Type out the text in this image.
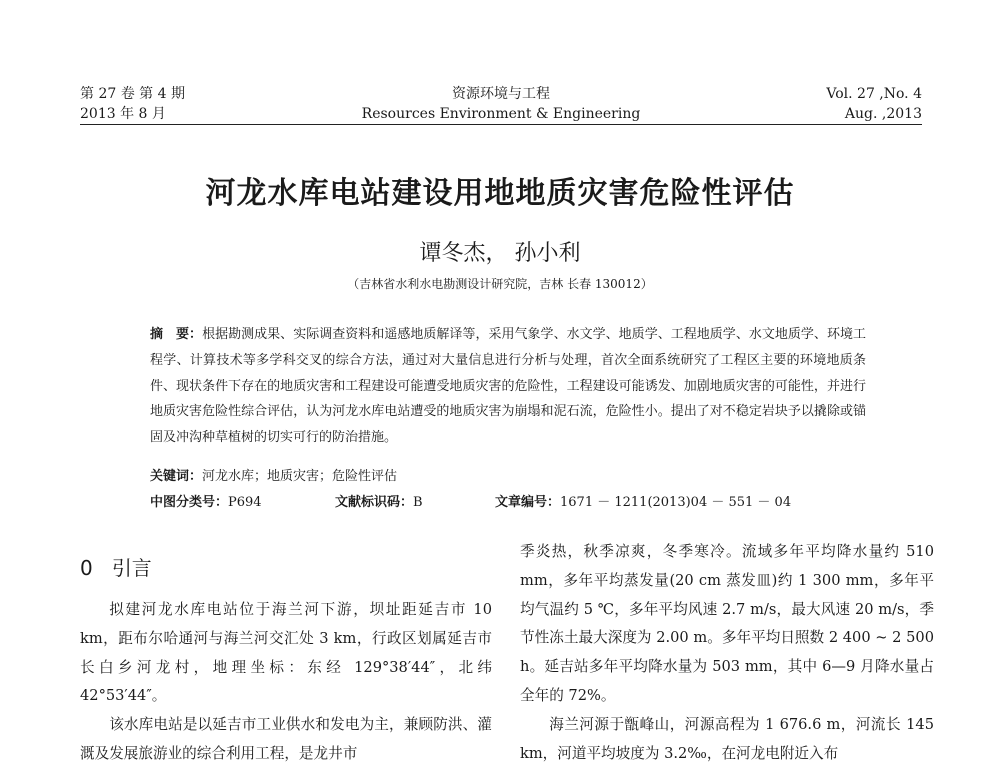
第 27 卷 第 4 期
2013 年 8 月
资源环境与工程
Resources Environment & Engineering
Vol. 27 ,No. 4
Aug. ,2013
河龙水库电站建设用地地质灾害危险性评估
谭冬杰， 孙小利
（吉林省水利水电勘测设计研究院，吉林 长春 130012）
摘　要：根据勘测成果、实际调查资料和遥感地质解译等，采用气象学、水文学、地质学、工程地质学、水文地质学、环境工程学、计算技术等多学科交叉的综合方法，通过对大量信息进行分析与处理，首次全面系统研究了工程区主要的环境地质条件、现状条件下存在的地质灾害和工程建设可能遭受地质灾害的危险性，工程建设可能诱发、加剧地质灾害的可能性，并进行地质灾害危险性综合评估，认为河龙水库电站遭受的地质灾害为崩塌和泥石流，危险性小。提出了对不稳定岩块予以撬除或锚固及冲沟种草植树的切实可行的防治措施。
关键词：河龙水库；地质灾害；危险性评估
中图分类号：P694	文献标识码：B	文章编号：1671 － 1211(2013)04 － 551 － 04
0 引言

拟建河龙水库电站位于海兰河下游，坝址距延吉市 10 km，距布尔哈通河与海兰河交汇处 3 km，行政区划属延吉市长白乡河龙村，地理坐标：东经 129°38′44″，北纬 42°53′44″。

该水库电站是以延吉市工业供水和发电为主，兼顾防洪、灌溉及发展旅游业的综合利用工程，是龙井市

季炎热，秋季凉爽，冬季寒冷。流域多年平均降水量约 510 mm，多年平均蒸发量(20 cm 蒸发皿)约 1 300 mm，多年平均气温约 5 ℃，多年平均风速 2.7 m/s，最大风速 20 m/s，季节性冻土最大深度为 2.00 m。多年平均日照数 2 400 ~ 2 500 h。延吉站多年平均降水量为 503 mm，其中 6—9 月降水量占全年的 72%。

海兰河源于甑峰山，河源高程为 1 676.6 m，河流长 145 km，河道平均坡度为 3.2‰，在河龙电附近入布
